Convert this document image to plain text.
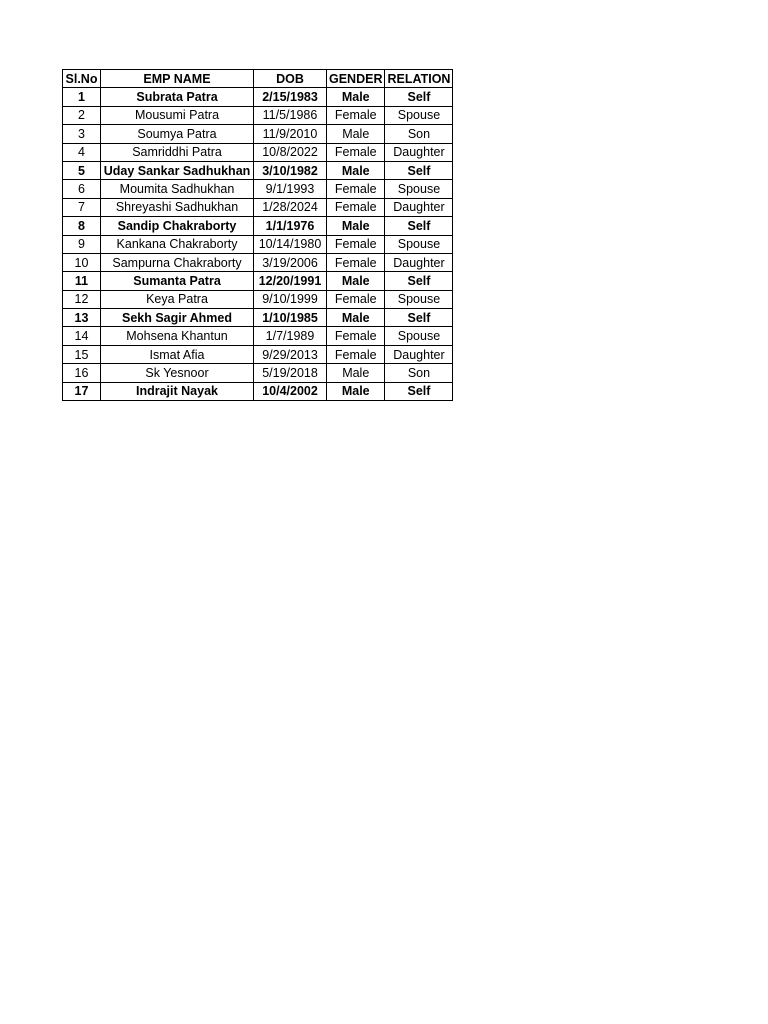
Sl.No	EMP NAME	DOB	GENDER	RELATION
1	Subrata Patra	2/15/1983	Male	Self
2	Mousumi Patra	11/5/1986	Female	Spouse
3	Soumya Patra	11/9/2010	Male	Son
4	Samriddhi Patra	10/8/2022	Female	Daughter
5	Uday Sankar Sadhukhan	3/10/1982	Male	Self
6	Moumita Sadhukhan	9/1/1993	Female	Spouse
7	Shreyashi Sadhukhan	1/28/2024	Female	Daughter
8	Sandip Chakraborty	1/1/1976	Male	Self
9	Kankana Chakraborty	10/14/1980	Female	Spouse
10	Sampurna Chakraborty	3/19/2006	Female	Daughter
11	Sumanta Patra	12/20/1991	Male	Self
12	Keya Patra	9/10/1999	Female	Spouse
13	Sekh Sagir Ahmed	1/10/1985	Male	Self
14	Mohsena Khantun	1/7/1989	Female	Spouse
15	Ismat Afia	9/29/2013	Female	Daughter
16	Sk Yesnoor	5/19/2018	Male	Son
17	Indrajit Nayak	10/4/2002	Male	Self
